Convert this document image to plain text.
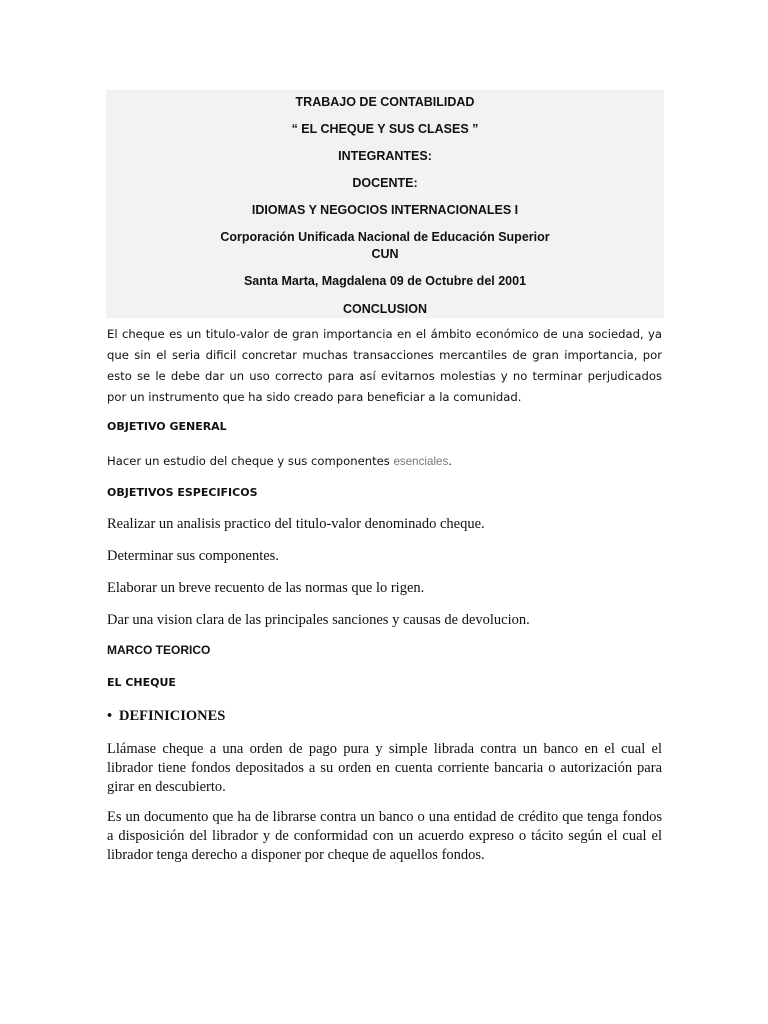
TRABAJO DE CONTABILIDAD
“ EL CHEQUE Y SUS CLASES ”
INTEGRANTES:
DOCENTE:
IDIOMAS Y NEGOCIOS INTERNACIONALES I
Corporación Unificada Nacional de Educación Superior
CUN
Santa Marta, Magdalena 09 de Octubre del 2001
CONCLUSION
El cheque es un titulo-valor de gran importancia en el ámbito económico de una sociedad, ya que sin el seria dificil concretar muchas transacciones mercantiles de gran importancia, por esto se le debe dar un uso correcto para así evitarnos molestias y no terminar perjudicados por un instrumento que ha sido creado para beneficiar a la comunidad.
OBJETIVO GENERAL
Hacer un estudio del cheque y sus componentes esenciales.
OBJETIVOS ESPECIFICOS
Realizar un analisis practico del titulo-valor denominado cheque.
Determinar sus componentes.
Elaborar un breve recuento de las normas que lo rigen.
Dar una vision clara de las principales sanciones y causas de devolucion.
MARCO TEORICO
EL CHEQUE
• DEFINICIONES
Llámase cheque a una orden de pago pura y simple librada contra un banco en el cual el librador tiene fondos depositados a su orden en cuenta corriente bancaria o autorización para girar en descubierto.
Es un documento que ha de librarse contra un banco o una entidad de crédito que tenga fondos a disposición del librador y de conformidad con un acuerdo expreso o tácito según el cual el librador tenga derecho a disponer por cheque de aquellos fondos.
